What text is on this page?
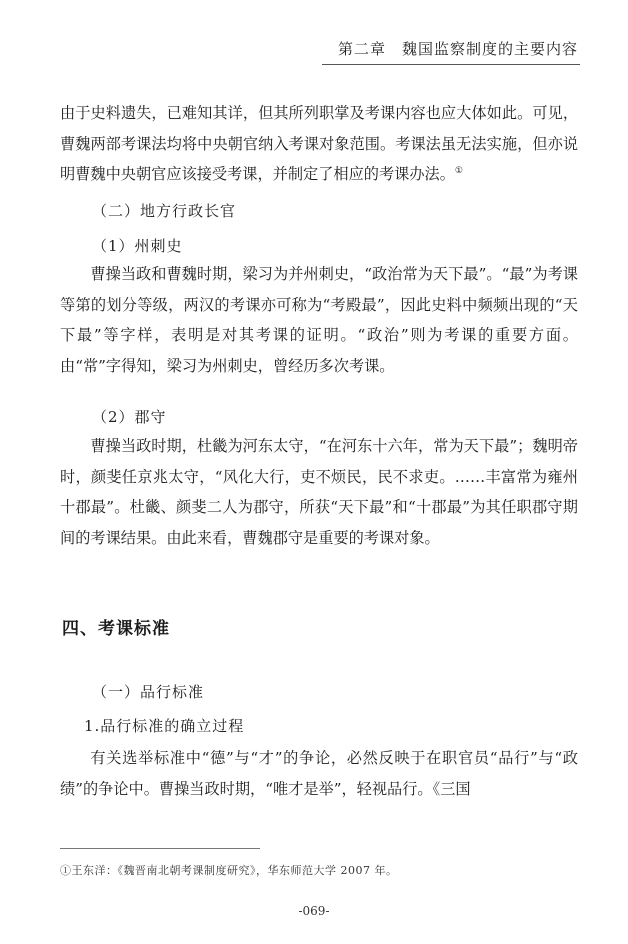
第二章　魏国监察制度的主要内容

由于史料遗失，已难知其详，但其所列职掌及考课内容也应大体如此。可见，曹魏两部考课法均将中央朝官纳入考课对象范围。考课法虽无法实施，但亦说明曹魏中央朝官应该接受考课，并制定了相应的考课办法。①

（二）地方行政长官
（1）州刺史

曹操当政和曹魏时期，梁习为并州刺史，“政治常为天下最”。“最”为考课等第的划分等级，两汉的考课亦可称为“考殿最”，因此史料中频频出现的“天下最”等字样，表明是对其考课的证明。“政治”则为考课的重要方面。由“常”字得知，梁习为州刺史，曾经历多次考课。

（2）郡守

曹操当政时期，杜畿为河东太守，“在河东十六年，常为天下最”；魏明帝时，颜斐任京兆太守，“风化大行，吏不烦民，民不求吏。……丰富常为雍州十郡最”。杜畿、颜斐二人为郡守，所获“天下最”和“十郡最”为其任职郡守期间的考课结果。由此来看，曹魏郡守是重要的考课对象。

四、考课标准
（一）品行标准
1.品行标准的确立过程

有关选举标准中“德”与“才”的争论，必然反映于在职官员“品行”与“政绩”的争论中。曹操当政时期，“唯才是举”，轻视品行。《三国

①王东洋：《魏晋南北朝考课制度研究》，华东师范大学 2007 年。
-069-
